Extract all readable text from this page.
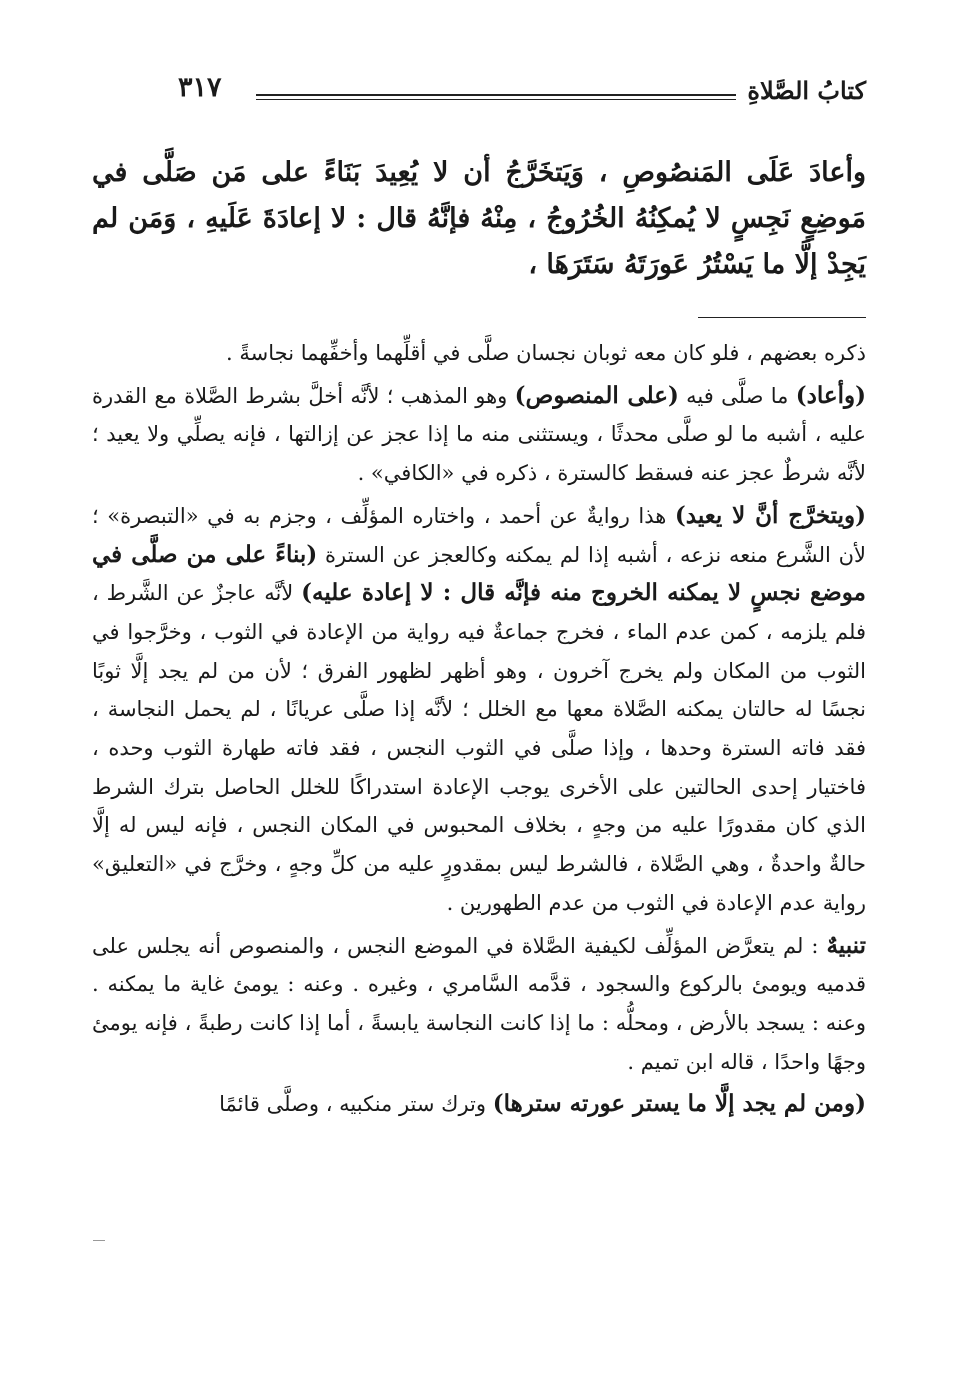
كتابُ الصَّلاةِ
٣١٧
وأعادَ عَلَى المَنصُوصِ ، وَيَتخَرَّجُ أن لا يُعِيدَ بَنَاءً على مَن صَلَّى في مَوضِعٍ نَجِسٍ لا يُمكِنُهُ الخُرُوجُ ، مِنْهُ فإنَّهُ قال : لا إعادَةَ عَلَيهِ ، وَمَن لم يَجِدْ إلَّا ما يَسْتُرُ عَورَتَهُ سَتَرَهَا ،

ذكره بعضهم ، فلو كان معه ثوبان نجسان صلَّى في أقلِّهما وأخفِّهما نجاسةً .

(وأعاد) ما صلَّى فيه (على المنصوص) وهو المذهب ؛ لأنَّه أخلَّ بشرط الصَّلاة مع القدرة عليه ، أشبه ما لو صلَّى محدثًا ، ويستثنى منه ما إذا عجز عن إزالتها ، فإنه يصلِّي ولا يعيد ؛ لأنَّه شرطٌ عجز عنه فسقط كالسترة ، ذكره في «الكافي» .

(ويتخرَّج أنَّ لا يعيد) هذا روايةٌ عن أحمد ، واختاره المؤلِّف ، وجزم به في «التبصرة» ؛ لأن الشَّرع منعه نزعه ، أشبه إذا لم يمكنه وكالعجز عن السترة (بناءً على من صلَّى في موضع نجسٍ لا يمكنه الخروج منه فإنَّه قال : لا إعادة عليه) لأنَّه عاجزٌ عن الشَّرط ، فلم يلزمه ، كمن عدم الماء ، فخرج جماعةٌ فيه رواية من الإعادة في الثوب ، وخرَّجوا في الثوب من المكان ولم يخرج آخرون ، وهو أظهر لظهور الفرق ؛ لأن من لم يجد إلَّا ثوبًا نجسًا له حالتان يمكنه الصَّلاة معها مع الخلل ؛ لأنَّه إذا صلَّى عريانًا ، لم يحمل النجاسة ، فقد فاته السترة وحدها ، وإذا صلَّى في الثوب النجس ، فقد فاته طهارة الثوب وحده ، فاختيار إحدى الحالتين على الأخرى يوجب الإعادة استدراكًا للخلل الحاصل بترك الشرط الذي كان مقدورًا عليه من وجهٍ ، بخلاف المحبوس في المكان النجس ، فإنه ليس له إلَّا حالةٌ واحدةٌ ، وهي الصَّلاة ، فالشرط ليس بمقدورٍ عليه من كلِّ وجهٍ ، وخرَّج في «التعليق» رواية عدم الإعادة في الثوب من عدم الطهورين .

تنبيهٌ : لم يتعرَّض المؤلِّف لكيفية الصَّلاة في الموضع النجس ، والمنصوص أنه يجلس على قدميه ويومئ بالركوع والسجود ، قدَّمه السَّامري ، وغيره . وعنه : يومئ غاية ما يمكنه . وعنه : يسجد بالأرض ، ومحلُّه : ما إذا كانت النجاسة يابسةً ، أما إذا كانت رطبةً ، فإنه يومئ وجهًا واحدًا ، قاله ابن تميم .

(ومن لم يجد إلَّا ما يستر عورته سترها) وترك ستر منكبيه ، وصلَّى قائمًا
